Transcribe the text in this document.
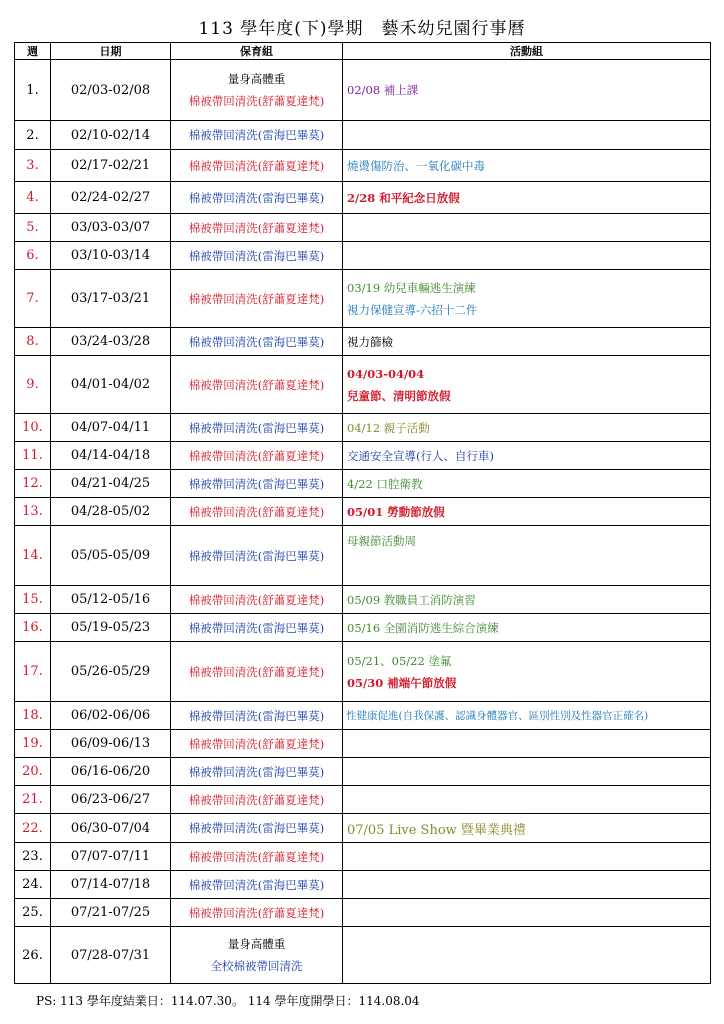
113 學年度(下)學期　藝禾幼兒園行事曆
週	日期	保育組	活動組
1.	02/03-02/08	量身高體重
棉被帶回清洗(舒蕭夏達梵)	02/08 補上課

2.	02/10-02/14	棉被帶回清洗(雷海巴畢莫)	
3.	02/17-02/21	棉被帶回清洗(舒蕭夏達梵)	燒燙傷防治、一氧化碳中毒
4.	02/24-02/27	棉被帶回清洗(雷海巴畢莫)	2/28 和平紀念日放假
5.	03/03-03/07	棉被帶回清洗(舒蕭夏達梵)	
6.	03/10-03/14	棉被帶回清洗(雷海巴畢莫)	
7.	03/17-03/21	棉被帶回清洗(舒蕭夏達梵)	03/19 幼兒車輛逃生演練
視力保健宣導-六招十二件

8.	03/24-03/28	棉被帶回清洗(雷海巴畢莫)	視力篩檢
9.	04/01-04/02	棉被帶回清洗(舒蕭夏達梵)	04/03-04/04
兒童節、清明節放假

10.	04/07-04/11	棉被帶回清洗(雷海巴畢莫)	04/12 親子活動
11.	04/14-04/18	棉被帶回清洗(舒蕭夏達梵)	交通安全宣導(行人、自行車)
12.	04/21-04/25	棉被帶回清洗(雷海巴畢莫)	4/22 口腔衛教
13.	04/28-05/02	棉被帶回清洗(舒蕭夏達梵)	05/01 勞動節放假
14.	05/05-05/09	棉被帶回清洗(雷海巴畢莫)	母親節活動周

15.	05/12-05/16	棉被帶回清洗(舒蕭夏達梵)	05/09 教職員工消防演習
16.	05/19-05/23	棉被帶回清洗(雷海巴畢莫)	05/16 全園消防逃生綜合演練
17.	05/26-05/29	棉被帶回清洗(舒蕭夏達梵)	05/21、05/22 塗氟
05/30 補端午節放假

18.	06/02-06/06	棉被帶回清洗(雷海巴畢莫)	性健康促進(自我保護、認識身體器官、區別性別及性器官正確名)
19.	06/09-06/13	棉被帶回清洗(舒蕭夏達梵)	
20.	06/16-06/20	棉被帶回清洗(雷海巴畢莫)	
21.	06/23-06/27	棉被帶回清洗(舒蕭夏達梵)	
22.	06/30-07/04	棉被帶回清洗(雷海巴畢莫)	07/05 Live Show 暨畢業典禮
23.	07/07-07/11	棉被帶回清洗(舒蕭夏達梵)	
24.	07/14-07/18	棉被帶回清洗(雷海巴畢莫)	
25.	07/21-07/25	棉被帶回清洗(舒蕭夏達梵)	
26.	07/28-07/31	量身高體重
全校棉被帶回清洗	

PS: 113 學年度結業日：114.07.30。 114 學年度開學日：114.08.04
